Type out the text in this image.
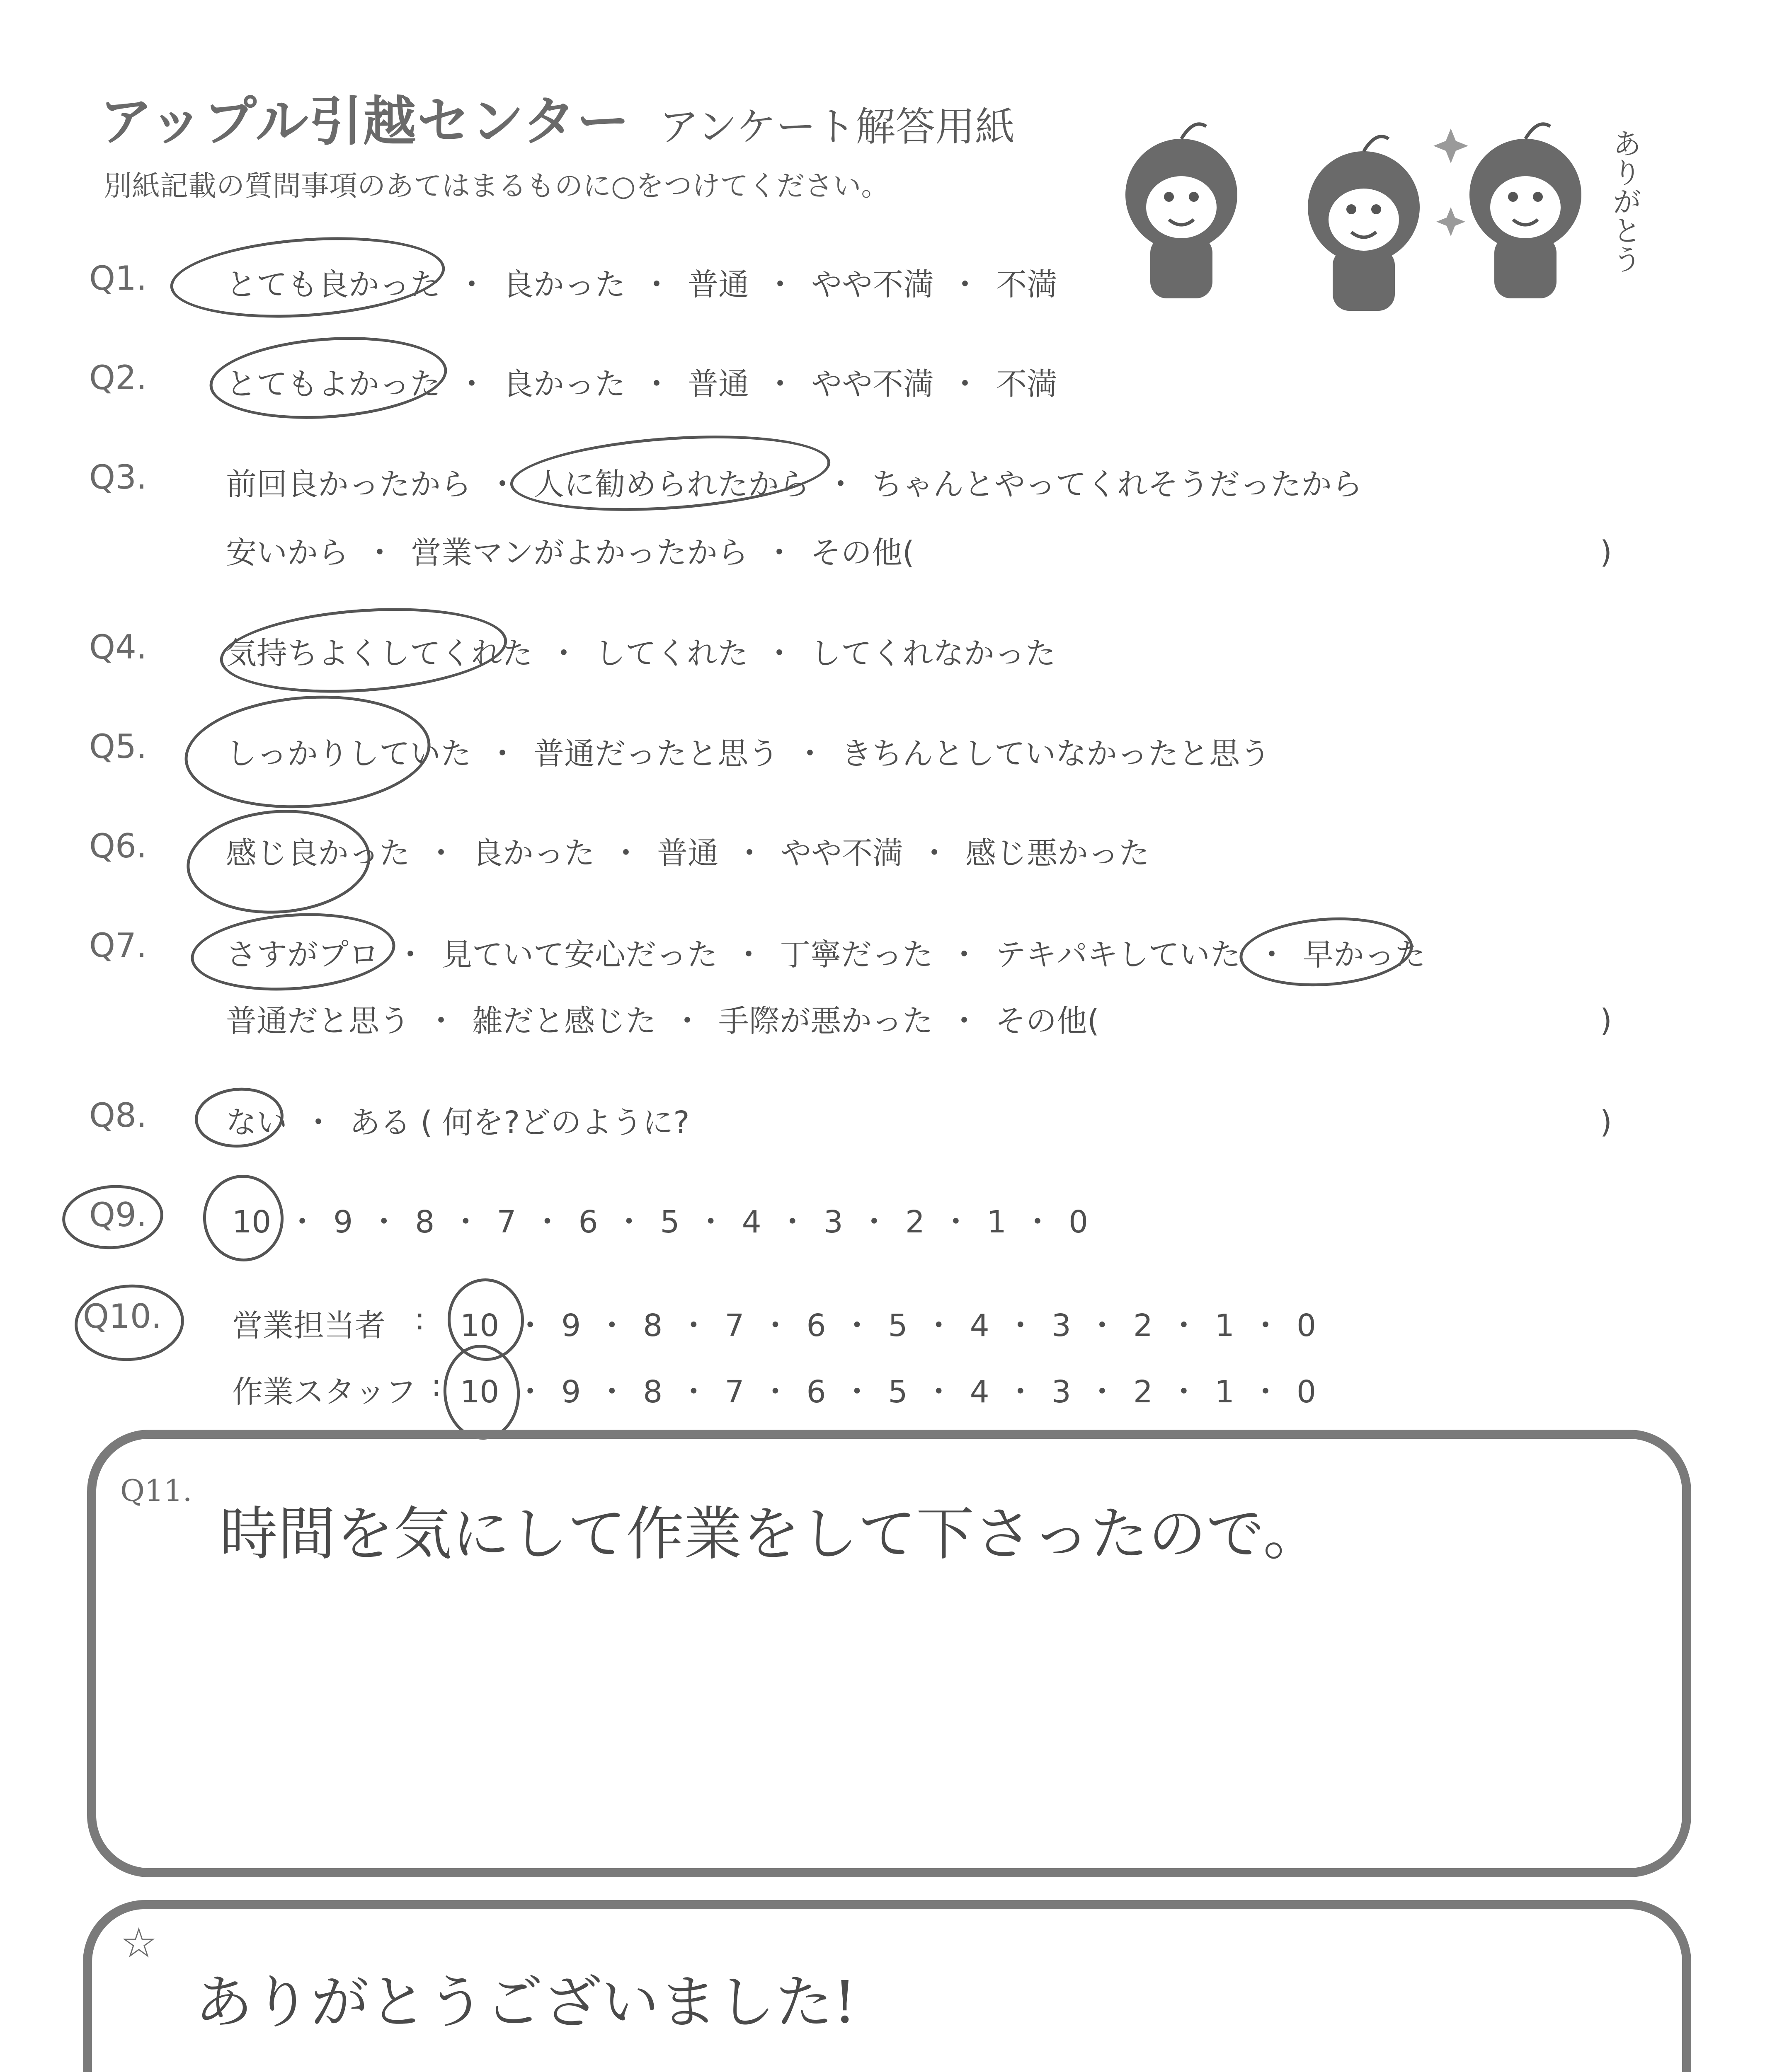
アップル引越センター アンケート解答用紙
別紙記載の質問事項のあてはまるものに○をつけてください。	ありがとう
Q1.	とても良かった ・ 良かった ・ 普通 ・ やや不満 ・ 不満
Q2.	とてもよかった ・ 良かった ・ 普通 ・ やや不満 ・ 不満
Q3.	前回良かったから ・ 人に勧められたから ・ ちゃんとやってくれそうだったから
安いから ・ 営業マンがよかったから ・ その他(	)
Q4.	気持ちよくしてくれた ・ してくれた ・ してくれなかった
Q5.	しっかりしていた ・ 普通だったと思う ・ きちんとしていなかったと思う
Q6.	感じ良かった ・ 良かった ・ 普通 ・ やや不満 ・ 感じ悪かった
Q7.	さすがプロ ・ 見ていて安心だった ・ 丁寧だった ・ テキパキしていた ・ 早かった
普通だと思う ・ 雑だと感じた ・ 手際が悪かった ・ その他(	)
Q8.	ない ・ ある ( 何を?どのように?	)
Q9.	10 ・ 9 ・ 8 ・ 7 ・ 6 ・ 5 ・ 4 ・ 3 ・ 2 ・ 1 ・ 0
Q10. 営業担当者 : 10 ・ 9 ・ 8 ・ 7 ・ 6 ・ 5 ・ 4 ・ 3 ・ 2 ・ 1 ・ 0
作業スタッフ : 10 ・ 9 ・ 8 ・ 7 ・ 6 ・ 5 ・ 4 ・ 3 ・ 2 ・ 1 ・ 0
Q11.
時間を気にして作業をして下さったので。
☆
ありがとうございました!
